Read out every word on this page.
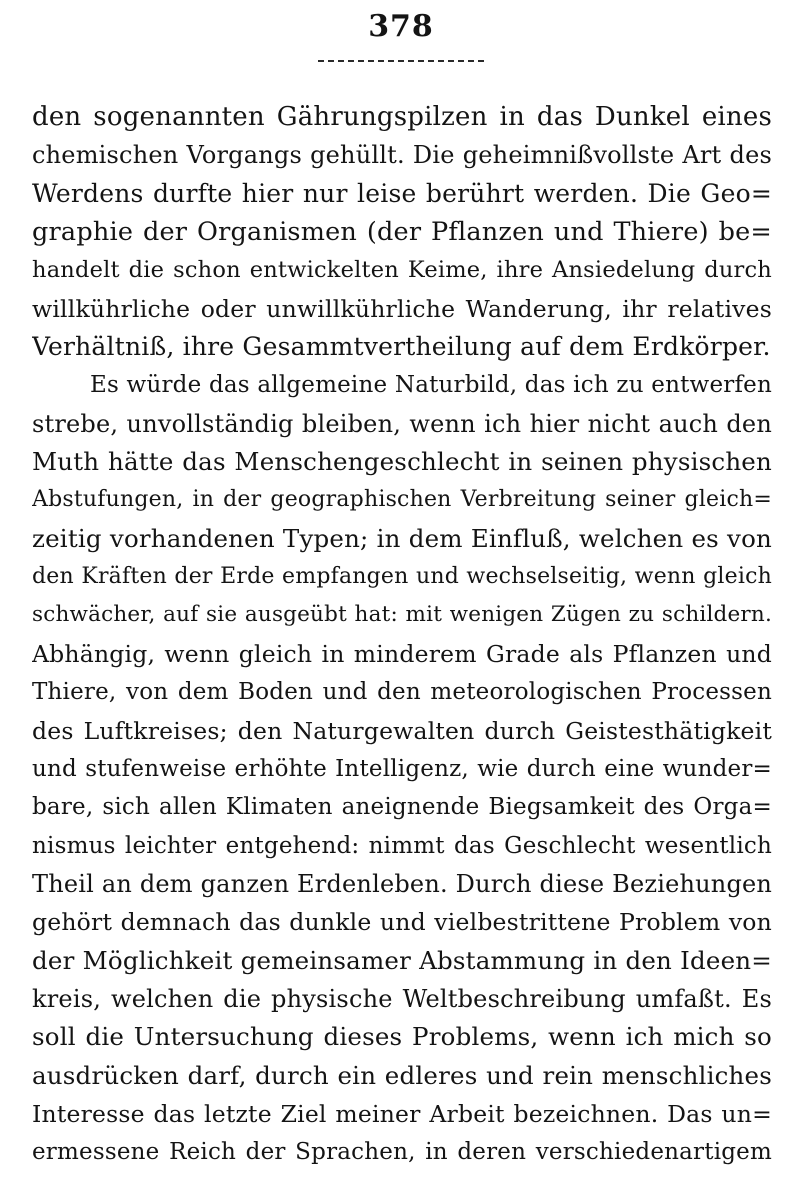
378
den sogenannten Gährungspilzen in das Dunkel eines
chemischen Vorgangs gehüllt. Die geheimnißvollste Art des
Werdens durfte hier nur leise berührt werden. Die Geo=
graphie der Organismen (der Pflanzen und Thiere) be=
handelt die schon entwickelten Keime, ihre Ansiedelung durch
willkührliche oder unwillkührliche Wanderung, ihr relatives
Verhältniß, ihre Gesammtvertheilung auf dem Erdkörper.
Es würde das allgemeine Naturbild, das ich zu entwerfen
strebe, unvollständig bleiben, wenn ich hier nicht auch den
Muth hätte das Menschengeschlecht in seinen physischen
Abstufungen, in der geographischen Verbreitung seiner gleich=
zeitig vorhandenen Typen; in dem Einfluß, welchen es von
den Kräften der Erde empfangen und wechselseitig, wenn gleich
schwächer, auf sie ausgeübt hat: mit wenigen Zügen zu schildern.
Abhängig, wenn gleich in minderem Grade als Pflanzen und
Thiere, von dem Boden und den meteorologischen Processen
des Luftkreises; den Naturgewalten durch Geistesthätigkeit
und stufenweise erhöhte Intelligenz, wie durch eine wunder=
bare, sich allen Klimaten aneignende Biegsamkeit des Orga=
nismus leichter entgehend: nimmt das Geschlecht wesentlich
Theil an dem ganzen Erdenleben. Durch diese Beziehungen
gehört demnach das dunkle und vielbestrittene Problem von
der Möglichkeit gemeinsamer Abstammung in den Ideen=
kreis, welchen die physische Weltbeschreibung umfaßt. Es
soll die Untersuchung dieses Problems, wenn ich mich so
ausdrücken darf, durch ein edleres und rein menschliches
Interesse das letzte Ziel meiner Arbeit bezeichnen. Das un=
ermessene Reich der Sprachen, in deren verschiedenartigem
